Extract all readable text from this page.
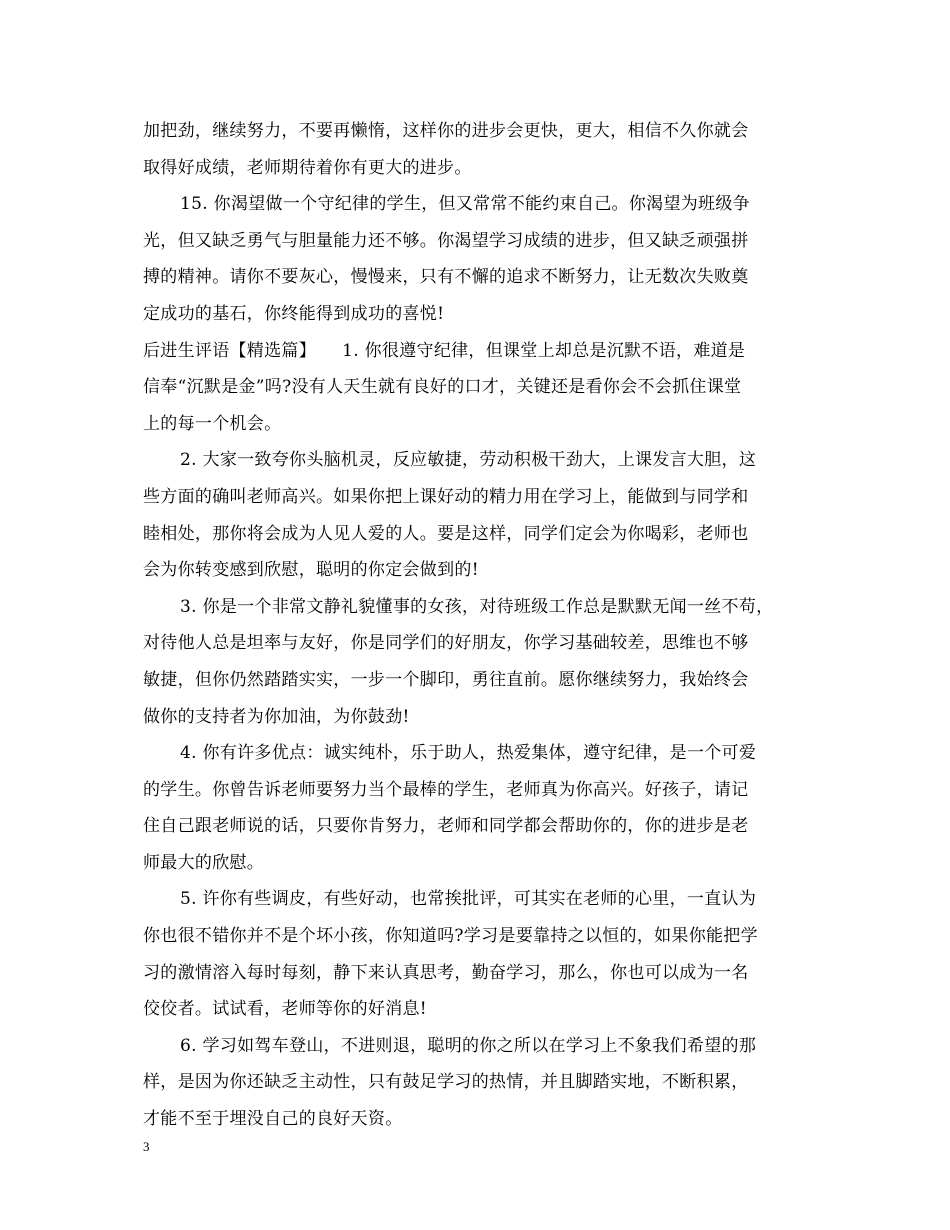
加把劲，继续努力，不要再懒惰，这样你的进步会更快，更大，相信不久你就会
取得好成绩，老师期待着你有更大的进步。
15. 你渴望做一个守纪律的学生，但又常常不能约束自己。你渴望为班级争
光，但又缺乏勇气与胆量能力还不够。你渴望学习成绩的进步，但又缺乏顽强拼
搏的精神。请你不要灰心，慢慢来，只有不懈的追求不断努力，让无数次失败奠
定成功的基石，你终能得到成功的喜悦!
后进生评语【精选篇】　　1. 你很遵守纪律，但课堂上却总是沉默不语，难道是
信奉“沉默是金”吗?没有人天生就有良好的口才，关键还是看你会不会抓住课堂
上的每一个机会。
2. 大家一致夸你头脑机灵，反应敏捷，劳动积极干劲大，上课发言大胆，这
些方面的确叫老师高兴。如果你把上课好动的精力用在学习上，能做到与同学和
睦相处，那你将会成为人见人爱的人。要是这样，同学们定会为你喝彩，老师也
会为你转变感到欣慰，聪明的你定会做到的!
3. 你是一个非常文静礼貌懂事的女孩，对待班级工作总是默默无闻一丝不苟，
对待他人总是坦率与友好，你是同学们的好朋友，你学习基础较差，思维也不够
敏捷，但你仍然踏踏实实，一步一个脚印，勇往直前。愿你继续努力，我始终会
做你的支持者为你加油，为你鼓劲!
4. 你有许多优点：诚实纯朴，乐于助人，热爱集体，遵守纪律，是一个可爱
的学生。你曾告诉老师要努力当个最棒的学生，老师真为你高兴。好孩子，请记
住自己跟老师说的话，只要你肯努力，老师和同学都会帮助你的，你的进步是老
师最大的欣慰。
5. 许你有些调皮，有些好动，也常挨批评，可其实在老师的心里，一直认为
你也很不错你并不是个坏小孩，你知道吗?学习是要靠持之以恒的，如果你能把学
习的激情溶入每时每刻，静下来认真思考，勤奋学习，那么，你也可以成为一名
佼佼者。试试看，老师等你的好消息!
6. 学习如驾车登山，不进则退，聪明的你之所以在学习上不象我们希望的那
样，是因为你还缺乏主动性，只有鼓足学习的热情，并且脚踏实地，不断积累，
才能不至于埋没自己的良好天资。
3
